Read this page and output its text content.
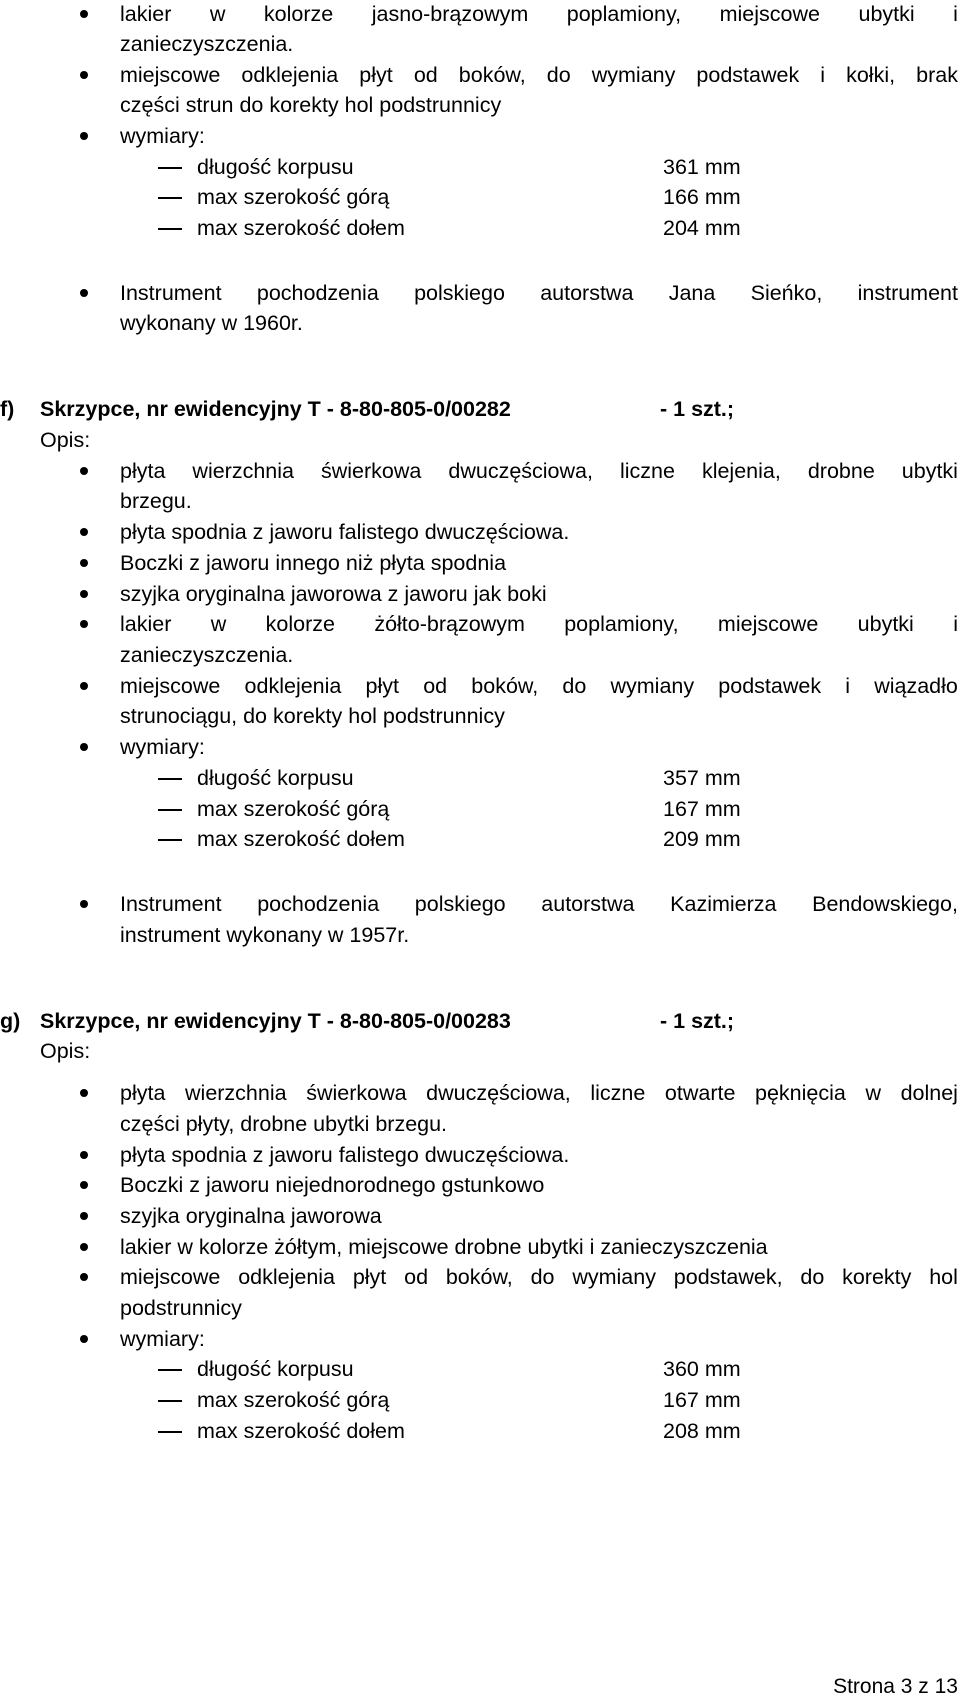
lakier w kolorze jasno-brązowym poplamiony, miejscowe ubytki i
zanieczyszczenia.
miejscowe odklejenia płyt od boków, do wymiany podstawek i kołki, brak
części strun do korekty hol podstrunnicy
wymiary:
długość korpusu	361 mm
max szerokość górą	166 mm
max szerokość dołem	204 mm
Instrument pochodzenia polskiego autorstwa Jana Sieńko, instrument
wykonany w 1960r.
f) Skrzypce, nr ewidencyjny T - 8-80-805-0/00282	- 1 szt.;
Opis:
płyta wierzchnia świerkowa dwuczęściowa, liczne klejenia, drobne ubytki
brzegu.
płyta spodnia z jaworu falistego dwuczęściowa.
Boczki z jaworu innego niż płyta spodnia
szyjka oryginalna jaworowa z jaworu jak boki
lakier w kolorze żółto-brązowym poplamiony, miejscowe ubytki i
zanieczyszczenia.
miejscowe odklejenia płyt od boków, do wymiany podstawek i wiązadło
strunociągu, do korekty hol podstrunnicy
wymiary:
długość korpusu	357 mm
max szerokość górą	167 mm
max szerokość dołem	209 mm
Instrument pochodzenia polskiego autorstwa Kazimierza Bendowskiego,
instrument wykonany w 1957r.
g) Skrzypce, nr ewidencyjny T - 8-80-805-0/00283	- 1 szt.;
Opis:
płyta wierzchnia świerkowa dwuczęściowa, liczne otwarte pęknięcia w dolnej
części płyty, drobne ubytki brzegu.
płyta spodnia z jaworu falistego dwuczęściowa.
Boczki z jaworu niejednorodnego gstunkowo
szyjka oryginalna jaworowa
lakier w kolorze żółtym, miejscowe drobne ubytki i zanieczyszczenia
miejscowe odklejenia płyt od boków, do wymiany podstawek, do korekty hol
podstrunnicy
wymiary:
długość korpusu	360 mm
max szerokość górą	167 mm
max szerokość dołem	208 mm
Strona 3 z 13
